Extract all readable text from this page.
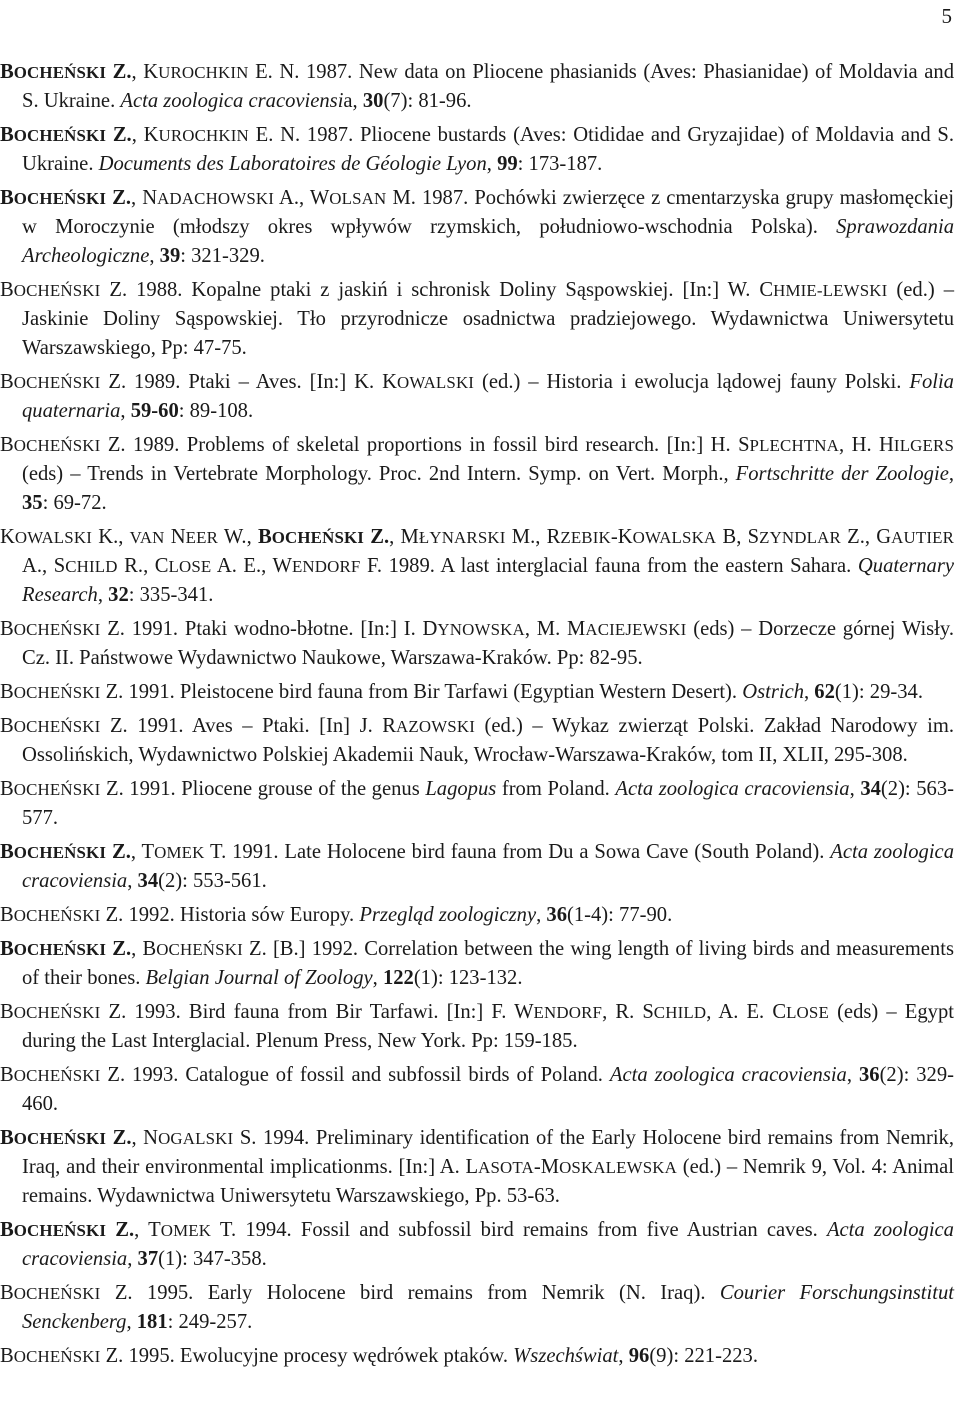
5
BOCHEŃSKI Z., KUROCHKIN E. N. 1987. New data on Pliocene phasianids (Aves: Phasianidae) of Moldavia and S. Ukraine. Acta zoologica cracoviensia, 30(7): 81-96.
BOCHEŃSKI Z., KUROCHKIN E. N. 1987. Pliocene bustards (Aves: Otididae and Gryzajidae) of Moldavia and S. Ukraine. Documents des Laboratoires de Géologie Lyon, 99: 173-187.
BOCHEŃSKI Z., NADACHOWSKI A., WOLSAN M. 1987. Pochówki zwierzęce z cmentarzyska grupy masłomęckiej w Moroczynie (młodszy okres wpływów rzymskich, południowo-wschodnia Polska). Sprawozdania Archeologiczne, 39: 321-329.
BOCHEŃSKI Z. 1988. Kopalne ptaki z jaskiń i schronisk Doliny Sąspowskiej. [In:] W. CHMIE-LEWSKI (ed.) – Jaskinie Doliny Sąspowskiej. Tło przyrodnicze osadnictwa pradziejowego. Wydawnictwa Uniwersytetu Warszawskiego, Pp: 47-75.
BOCHEŃSKI Z. 1989. Ptaki – Aves. [In:] K. KOWALSKI (ed.) – Historia i ewolucja lądowej fauny Polski. Folia quaternaria, 59-60: 89-108.
BOCHEŃSKI Z. 1989. Problems of skeletal proportions in fossil bird research. [In:] H. SPLECHTNA, H. HILGERS (eds) – Trends in Vertebrate Morphology. Proc. 2nd Intern. Symp. on Vert. Morph., Fortschritte der Zoologie, 35: 69-72.
KOWALSKI K., VAN NEER W., BOCHEŃSKI Z., MŁYNARSKI M., RZEBIK-KOWALSKA B, SZYNDLAR Z., GAUTIER A., SCHILD R., CLOSE A. E., WENDORF F. 1989. A last interglacial fauna from the eastern Sahara. Quaternary Research, 32: 335-341.
BOCHEŃSKI Z. 1991. Ptaki wodno-błotne. [In:] I. DYNOWSKA, M. MACIEJEWSKI (eds) – Dorzecze górnej Wisły. Cz. II. Państwowe Wydawnictwo Naukowe, Warszawa-Kraków. Pp: 82-95.
BOCHEŃSKI Z. 1991. Pleistocene bird fauna from Bir Tarfawi (Egyptian Western Desert). Ostrich, 62(1): 29-34.
BOCHEŃSKI Z. 1991. Aves – Ptaki. [In] J. RAZOWSKI (ed.) – Wykaz zwierząt Polski. Zakład Narodowy im. Ossolińskich, Wydawnictwo Polskiej Akademii Nauk, Wrocław-Warszawa-Kraków, tom II, XLII, 295-308.
BOCHEŃSKI Z. 1991. Pliocene grouse of the genus Lagopus from Poland. Acta zoologica cracoviensia, 34(2): 563-577.
BOCHEŃSKI Z., TOMEK T. 1991. Late Holocene bird fauna from Du a Sowa Cave (South Poland). Acta zoologica cracoviensia, 34(2): 553-561.
BOCHEŃSKI Z. 1992. Historia sów Europy. Przegląd zoologiczny, 36(1-4): 77-90.
BOCHEŃSKI Z., BOCHEŃSKI Z. [B.] 1992. Correlation between the wing length of living birds and measurements of their bones. Belgian Journal of Zoology, 122(1): 123-132.
BOCHEŃSKI Z. 1993. Bird fauna from Bir Tarfawi. [In:] F. WENDORF, R. SCHILD, A. E. CLOSE (eds) – Egypt during the Last Interglacial. Plenum Press, New York. Pp: 159-185.
BOCHEŃSKI Z. 1993. Catalogue of fossil and subfossil birds of Poland. Acta zoologica cracoviensia, 36(2): 329-460.
BOCHEŃSKI Z., NOGALSKI S. 1994. Preliminary identification of the Early Holocene bird remains from Nemrik, Iraq, and their environmental implicationms. [In:] A. LASOTA-MOSKALEWSKA (ed.) – Nemrik 9, Vol. 4: Animal remains. Wydawnictwa Uniwersytetu Warszawskiego, Pp. 53-63.
BOCHEŃSKI Z., TOMEK T. 1994. Fossil and subfossil bird remains from five Austrian caves. Acta zoologica cracoviensia, 37(1): 347-358.
BOCHEŃSKI Z. 1995. Early Holocene bird remains from Nemrik (N. Iraq). Courier Forschungsinstitut Senckenberg, 181: 249-257.
BOCHEŃSKI Z. 1995. Ewolucyjne procesy wędrówek ptaków. Wszechświat, 96(9): 221-223.
